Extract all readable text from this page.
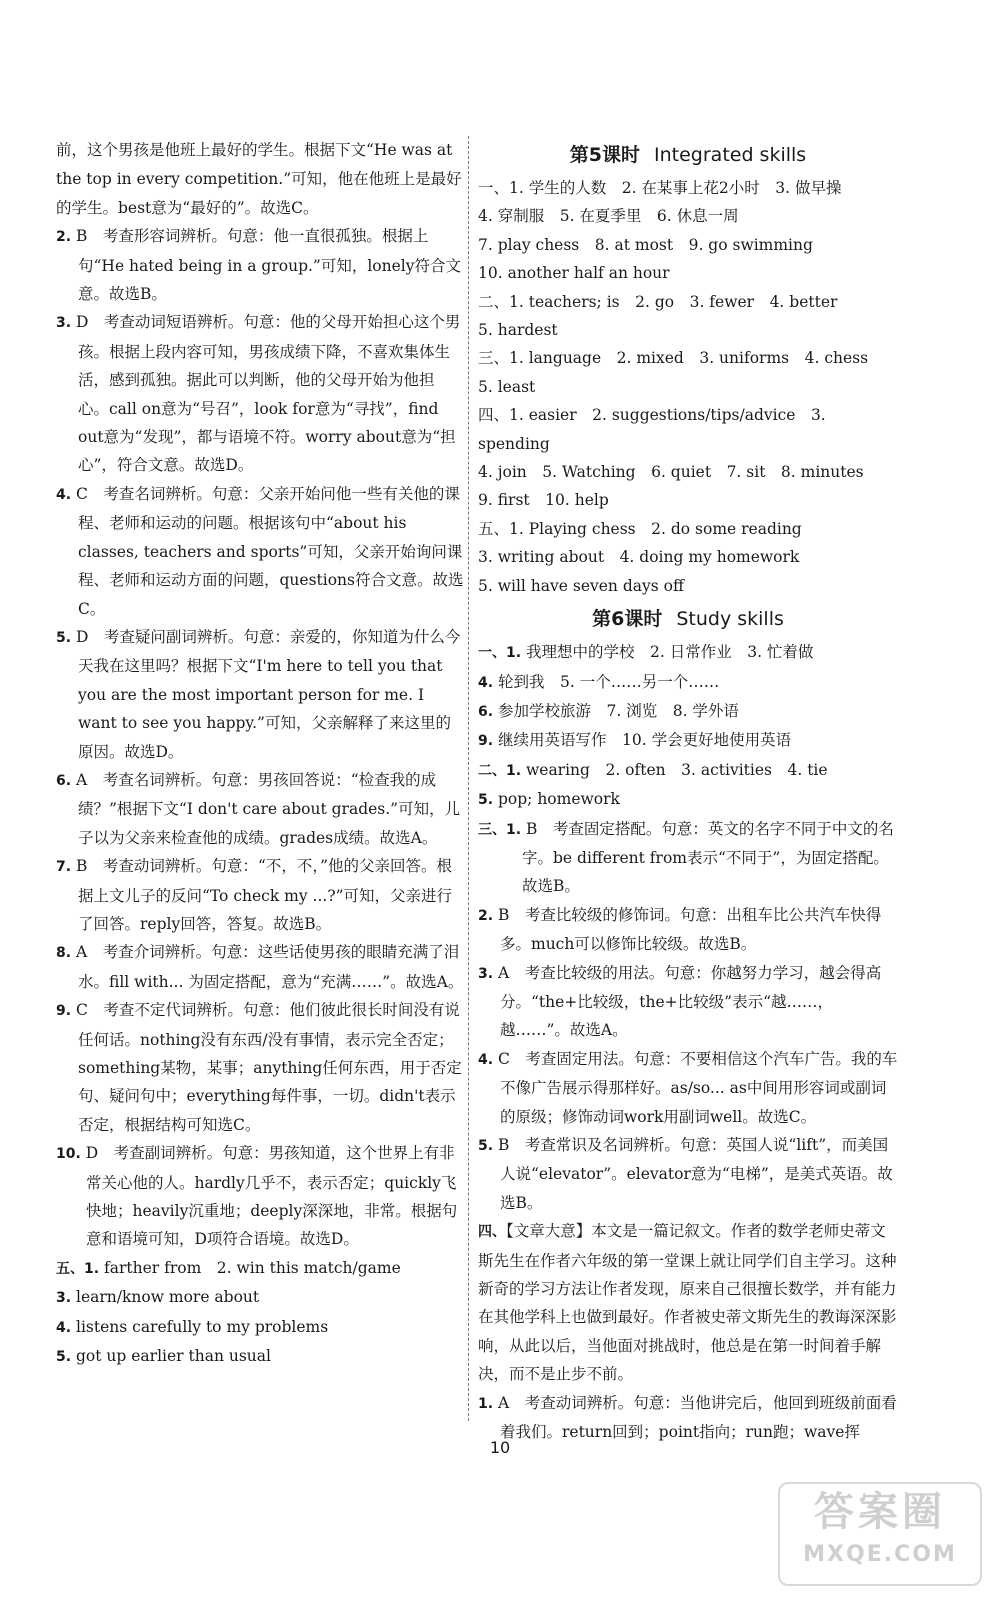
前，这个男孩是他班上最好的学生。根据下文“He was at the top in every competition.”可知，他在他班上是最好的学生。best意为“最好的”。故选C。

2. B　考查形容词辨析。句意：他一直很孤独。根据上句“He hated being in a group.”可知，lonely符合文意。故选B。

3. D　考查动词短语辨析。句意：他的父母开始担心这个男孩。根据上段内容可知，男孩成绩下降，不喜欢集体生活，感到孤独。据此可以判断，他的父母开始为他担心。call on意为“号召”，look for意为“寻找”，find out意为“发现”，都与语境不符。worry about意为“担心”，符合文意。故选D。

4. C　考查名词辨析。句意：父亲开始问他一些有关他的课程、老师和运动的问题。根据该句中“about his classes, teachers and sports”可知，父亲开始询问课程、老师和运动方面的问题，questions符合文意。故选C。

5. D　考查疑问副词辨析。句意：亲爱的，你知道为什么今天我在这里吗？根据下文“I'm here to tell you that you are the most important person for me. I want to see you happy.”可知，父亲解释了来这里的原因。故选D。

6. A　考查名词辨析。句意：男孩回答说：“检查我的成绩？”根据下文“I don't care about grades.”可知，儿子以为父亲来检查他的成绩。grades成绩。故选A。

7. B　考查动词辨析。句意：“不，不，”他的父亲回答。根据上文儿子的反问“To check my ...?”可知，父亲进行了回答。reply回答，答复。故选B。

8. A　考查介词辨析。句意：这些话使男孩的眼睛充满了泪水。fill with... 为固定搭配，意为“充满……”。故选A。

9. C　考查不定代词辨析。句意：他们彼此很长时间没有说任何话。nothing没有东西/没有事情，表示完全否定；something某物，某事；anything任何东西，用于否定句、疑问句中；everything每件事，一切。didn't表示否定，根据结构可知选C。

10. D　考查副词辨析。句意：男孩知道，这个世界上有非常关心他的人。hardly几乎不，表示否定；quickly飞快地；heavily沉重地；deeply深深地，非常。根据句意和语境可知，D项符合语境。故选D。

五、1. farther from　2. win this match/game

3. learn/know more about

4. listens carefully to my problems

5. got up earlier than usual

第5课时 Integrated skills

一、1. 学生的人数　2. 在某事上花2小时　3. 做早操

4. 穿制服　5. 在夏季里　6. 休息一周

7. play chess　8. at most　9. go swimming

10. another half an hour

二、1. teachers; is　2. go　3. fewer　4. better

5. hardest

三、1. language　2. mixed　3. uniforms　4. chess

5. least

四、1. easier　2. suggestions/tips/advice　3. spending

4. join　5. Watching　6. quiet　7. sit　8. minutes

9. first　10. help

五、1. Playing chess　2. do some reading

3. writing about　4. doing my homework

5. will have seven days off

第6课时 Study skills

一、1. 我理想中的学校　2. 日常作业　3. 忙着做

4. 轮到我　5. 一个……另一个……

6. 参加学校旅游　7. 浏览　8. 学外语

9. 继续用英语写作　10. 学会更好地使用英语

二、1. wearing　2. often　3. activities　4. tie

5. pop; homework

三、1. B　考查固定搭配。句意：英文的名字不同于中文的名字。be different from表示“不同于”，为固定搭配。故选B。

2. B　考查比较级的修饰词。句意：出租车比公共汽车快得多。much可以修饰比较级。故选B。

3. A　考查比较级的用法。句意：你越努力学习，越会得高分。“the+比较级，the+比较级”表示“越……，越……”。故选A。

4. C　考查固定用法。句意：不要相信这个汽车广告。我的车不像广告展示得那样好。as/so... as中间用形容词或副词的原级；修饰动词work用副词well。故选C。

5. B　考查常识及名词辨析。句意：英国人说“lift”，而美国人说“elevator”。elevator意为“电梯”，是美式英语。故选B。

四、【文章大意】本文是一篇记叙文。作者的数学老师史蒂文斯先生在作者六年级的第一堂课上就让同学们自主学习。这种新奇的学习方法让作者发现，原来自己很擅长数学，并有能力在其他学科上也做到最好。作者被史蒂文斯先生的教诲深深影响，从此以后，当他面对挑战时，他总是在第一时间着手解决，而不是止步不前。

1. A　考查动词辨析。句意：当他讲完后，他回到班级前面看着我们。return回到；point指向；run跑；wave挥

10
答案圈
MXQE.COM
